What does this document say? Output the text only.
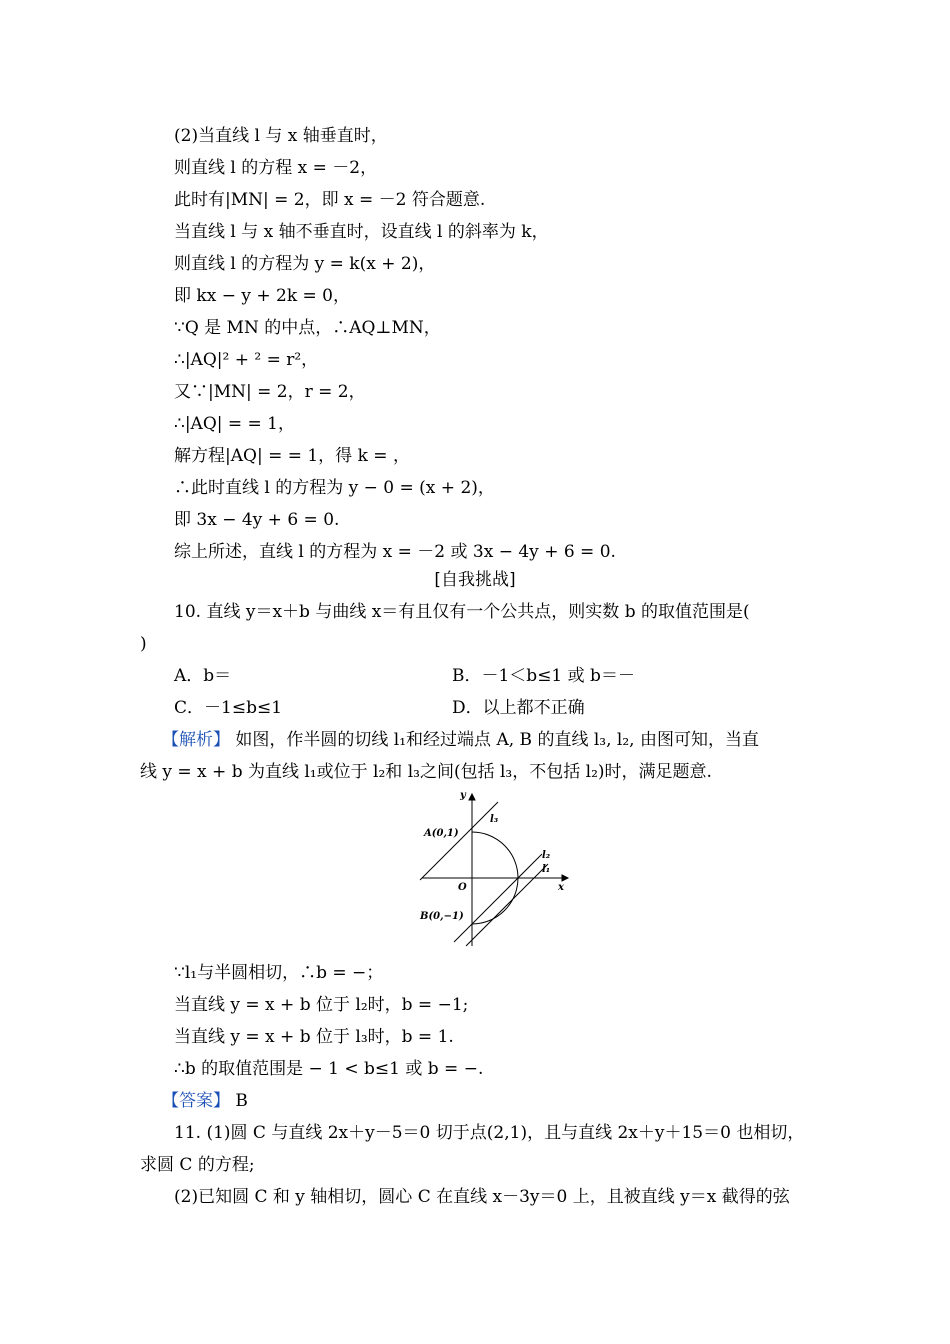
(2)当直线 l 与 x 轴垂直时，
则直线 l 的方程 x = －2，
此时有|MN| = 2，即 x = －2 符合题意.
当直线 l 与 x 轴不垂直时，设直线 l 的斜率为 k，
则直线 l 的方程为 y = k(x + 2)，
即 kx − y + 2k = 0，
∵Q 是 MN 的中点，∴AQ⊥MN，
∴|AQ|² + ² = r²，
又∵|MN| = 2，r = 2，
∴|AQ| = = 1，
解方程|AQ| = = 1，得 k = ，
∴此时直线 l 的方程为 y − 0 = (x + 2)，
即 3x − 4y + 6 = 0.
综上所述，直线 l 的方程为 x = －2 或 3x − 4y + 6 = 0.
[自我挑战]
10. 直线 y＝x＋b 与曲线 x＝有且仅有一个公共点，则实数 b 的取值范围是(
)
A．b＝	B．－1＜b≤1 或 b＝－
C．－1≤b≤1	D．以上都不正确
【解析】 如图，作半圆的切线 l₁和经过端点 A, B 的直线 l₃, l₂, 由图可知，当直
线 y = x + b 为直线 l₁或位于 l₂和 l₃之间(包括 l₃，不包括 l₂)时，满足题意.
y
x
O
A(0,1)
B(0,−1)
l₁
l₂
l₃
∵l₁与半圆相切，∴b = −；
当直线 y = x + b 位于 l₂时，b = −1;
当直线 y = x + b 位于 l₃时，b = 1.
∴b 的取值范围是 − 1 < b≤1 或 b = −.
【答案】 B
11. (1)圆 C 与直线 2x＋y－5＝0 切于点(2,1)，且与直线 2x＋y＋15＝0 也相切，
求圆 C 的方程;
(2)已知圆 C 和 y 轴相切，圆心 C 在直线 x－3y＝0 上，且被直线 y＝x 截得的弦
